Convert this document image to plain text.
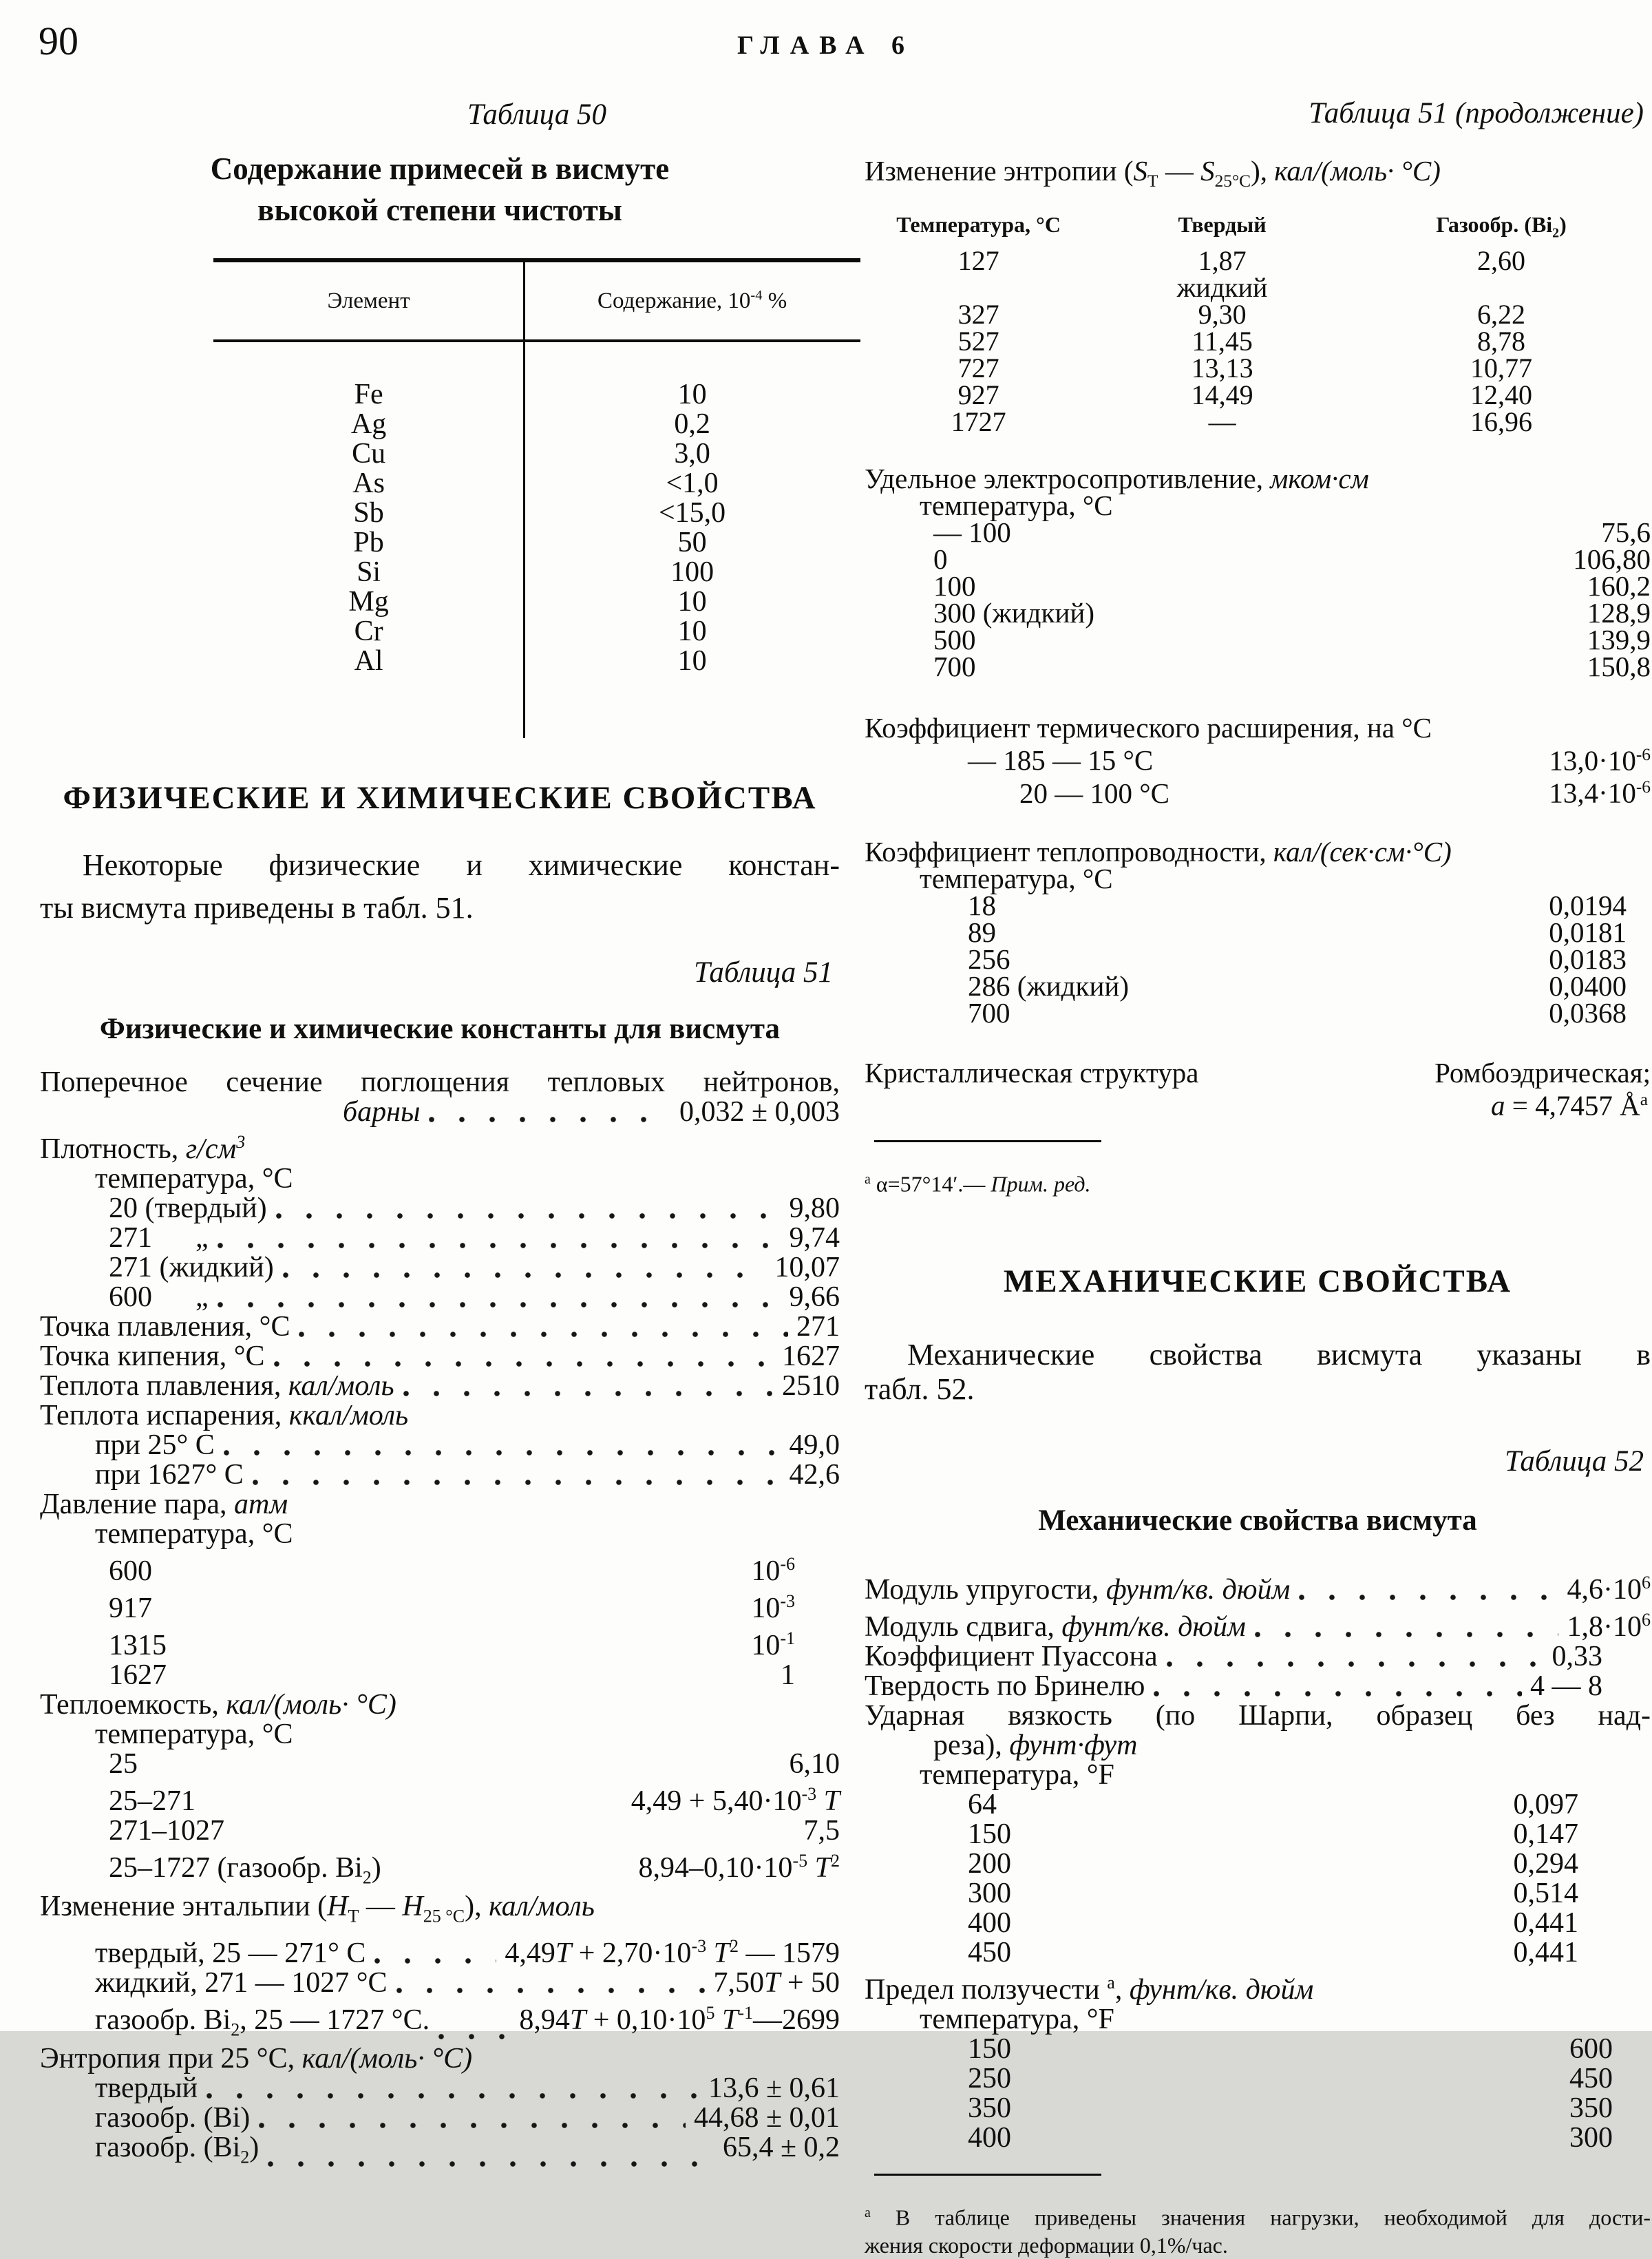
90	ГЛАВА 6
Таблица 50
Содержание примесей в висмуте
высокой степени чистоты
Элемент	Содержание, $10^{-4}$ %
Fe	10
Ag	0,2
Cu	3,0
As	<1,0
Sb	<15,0
Pb	50
Si	100
Mg	10
Cr	10
Al	10
ФИЗИЧЕСКИЕ И ХИМИЧЕСКИЕ СВОЙСТВА
Некоторые физические и химические констан-
ты висмута приведены в табл. 51.
Таблица 51
Физические и химические константы для висмута
Поперечное сечение поглощения тепловых нейтронов,
барны	0,032 ± 0,003
Плотность, $г/см^3$
температура, °С
20 (твердый)	9,80
271      „	9,74
271 (жидкий)	10,07
600      „	9,66
Точка плавления, °С	271
Точка кипения, °С	1627
Теплота плавления, кал/моль	2510
Теплота испарения, ккал/моль
при 25° С	49,0
при 1627° С	42,6
Давление пара, атм
температура, °С
600	$10^{-6}$
917	$10^{-3}$
1315	$10^{-1}$
1627	1
Теплоемкость, кал/(моль· °С)
температура, °С
25	6,10
25–271	$4,49 + 5,40\cdot 10^{-3}$ T
271–1027	7,5
25–1727 (газообр. $Bi_2$)	$8,94-0,10\cdot 10^{-5}$ $T^2$
Изменение энтальпии ($H_T$ — $H_{25 ^\circ C}$), кал/моль
твердый, 25 — 271° С	$4,49T + 2,70\cdot 10^{-3}$ $T^2$ — 1579
жидкий, 271 — 1027 °С	7,50T + 50
газообр. $Bi_2$, 25 — 1727 °С.	$8,94T + 0,10\cdot 10^5$ $T^{-1}—2699$
Энтропия при 25 °С, кал/(моль· °С)
твердый	13,6 ± 0,61
газообр. (Bi)	44,68 ± 0,01
газообр. $(Bi_2)$	65,4 ± 0,2
Таблица 51 (продолжение)
Изменение энтропии ($S_T$ — $S_{25^\circ C}$), кал/(моль· °С)
Температура, °С	Твердый	Газообр. $(Bi_2)$
127	1,87	2,60
жидкий
327	9,30	6,22
527	11,45	8,78
727	13,13	10,77
927	14,49	12,40
1727	—	16,96
Удельное электросопротивление, мком·см
температура, °С
— 100	75,6
0	106,80
100	160,2
300 (жидкий)	128,9
500	139,9
700	150,8
Коэффициент термического расширения, на °С
— 185 — 15 °С	$13,0\cdot 10^{-6}$
20 — 100 °С	$13,4\cdot 10^{-6}$
Коэффициент теплопроводности, кал/(сек·см·°С)
температура, °С
18	0,0194
89	0,0181
256	0,0183
286 (жидкий)	0,0400
700	0,0368
Кристаллическая структура	Ромбоэдрическая;
a = 4,7457 $Å^а$
$^а$ α=57°14′.— Прим. ред.
МЕХАНИЧЕСКИЕ СВОЙСТВА
Механические свойства висмута указаны в
табл. 52.
Таблица 52
Механические свойства висмута
Модуль упругости, фунт/кв. дюйм	$4,6\cdot 10^6$
Модуль сдвига, фунт/кв. дюйм	$1,8\cdot 10^6$
Коэффициент Пуассона	0,33
Твердость по Бринелю	4 — 8
Ударная вязкость (по Шарпи, образец без над-
реза), фунт·фут
температура, °F
64	0,097
150	0,147
200	0,294
300	0,514
400	0,441
450	0,441
Предел ползучести $^а$, фунт/кв. дюйм
температура, °F
150	600
250	450
350	350
400	300
$^а$ В таблице приведены значения нагрузки, необходимой для дости-
жения скорости деформации 0,1%/час.
